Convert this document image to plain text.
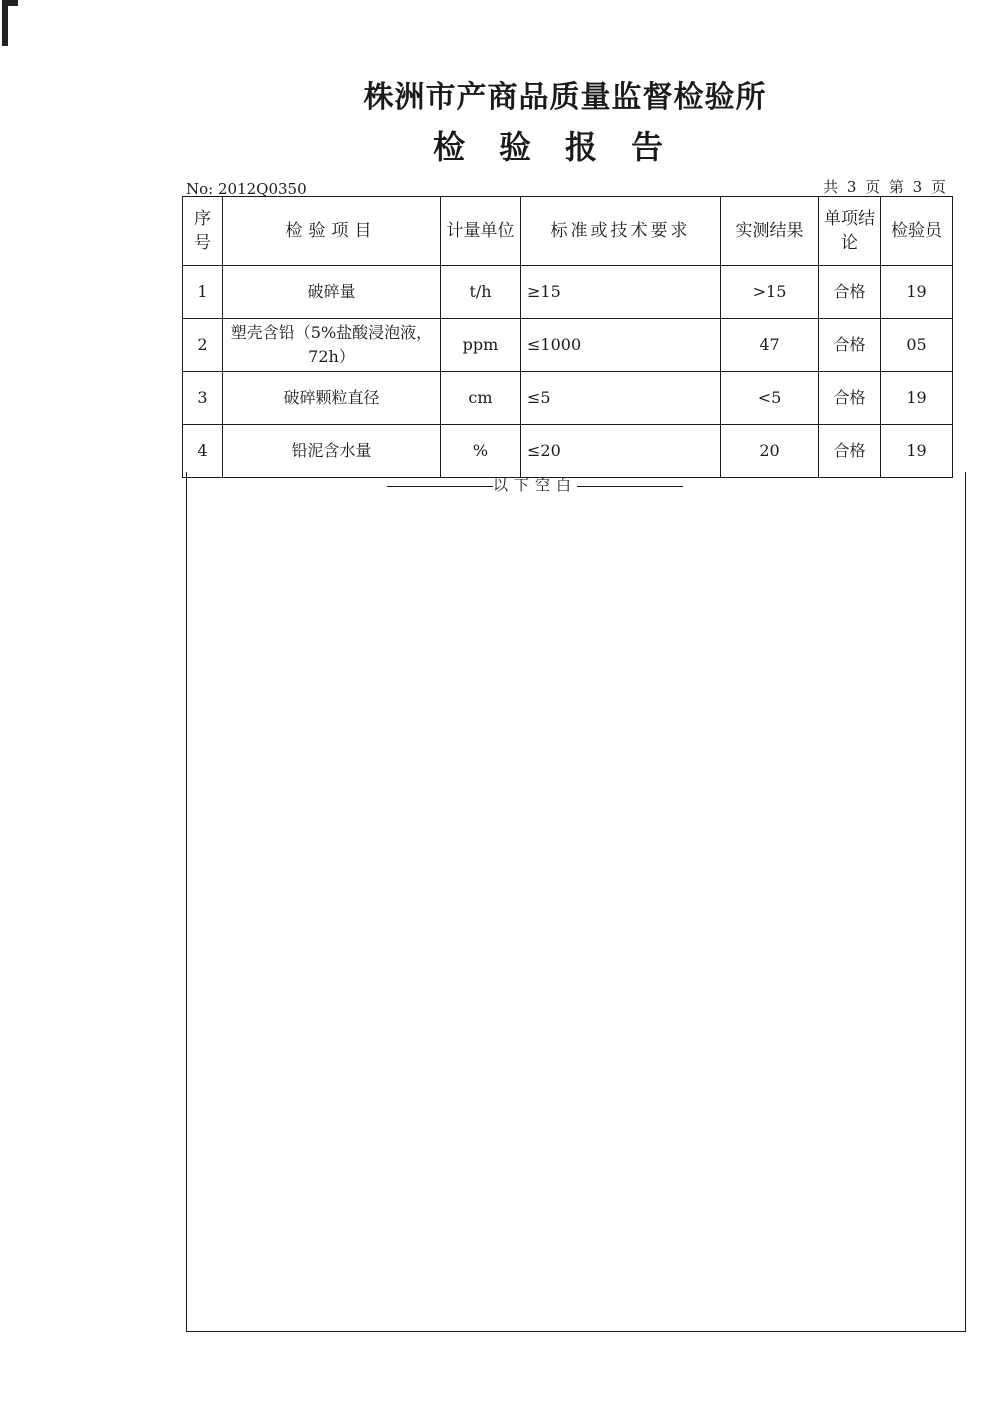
株洲市产商品质量监督检验所
检验报告
No: 2012Q0350	共 3 页 第 3 页
序号	检验项目	计量单位	标准或技术要求	实测结果	单项结论	检验员
1	破碎量	t/h	≥15	>15	合格	19
2	塑壳含铅（5%盐酸浸泡液，72h）	ppm	≤1000	47	合格	05
3	破碎颗粒直径	cm	≤5	<5	合格	19
4	铅泥含水量	%	≤20	20	合格	19
以下空白
